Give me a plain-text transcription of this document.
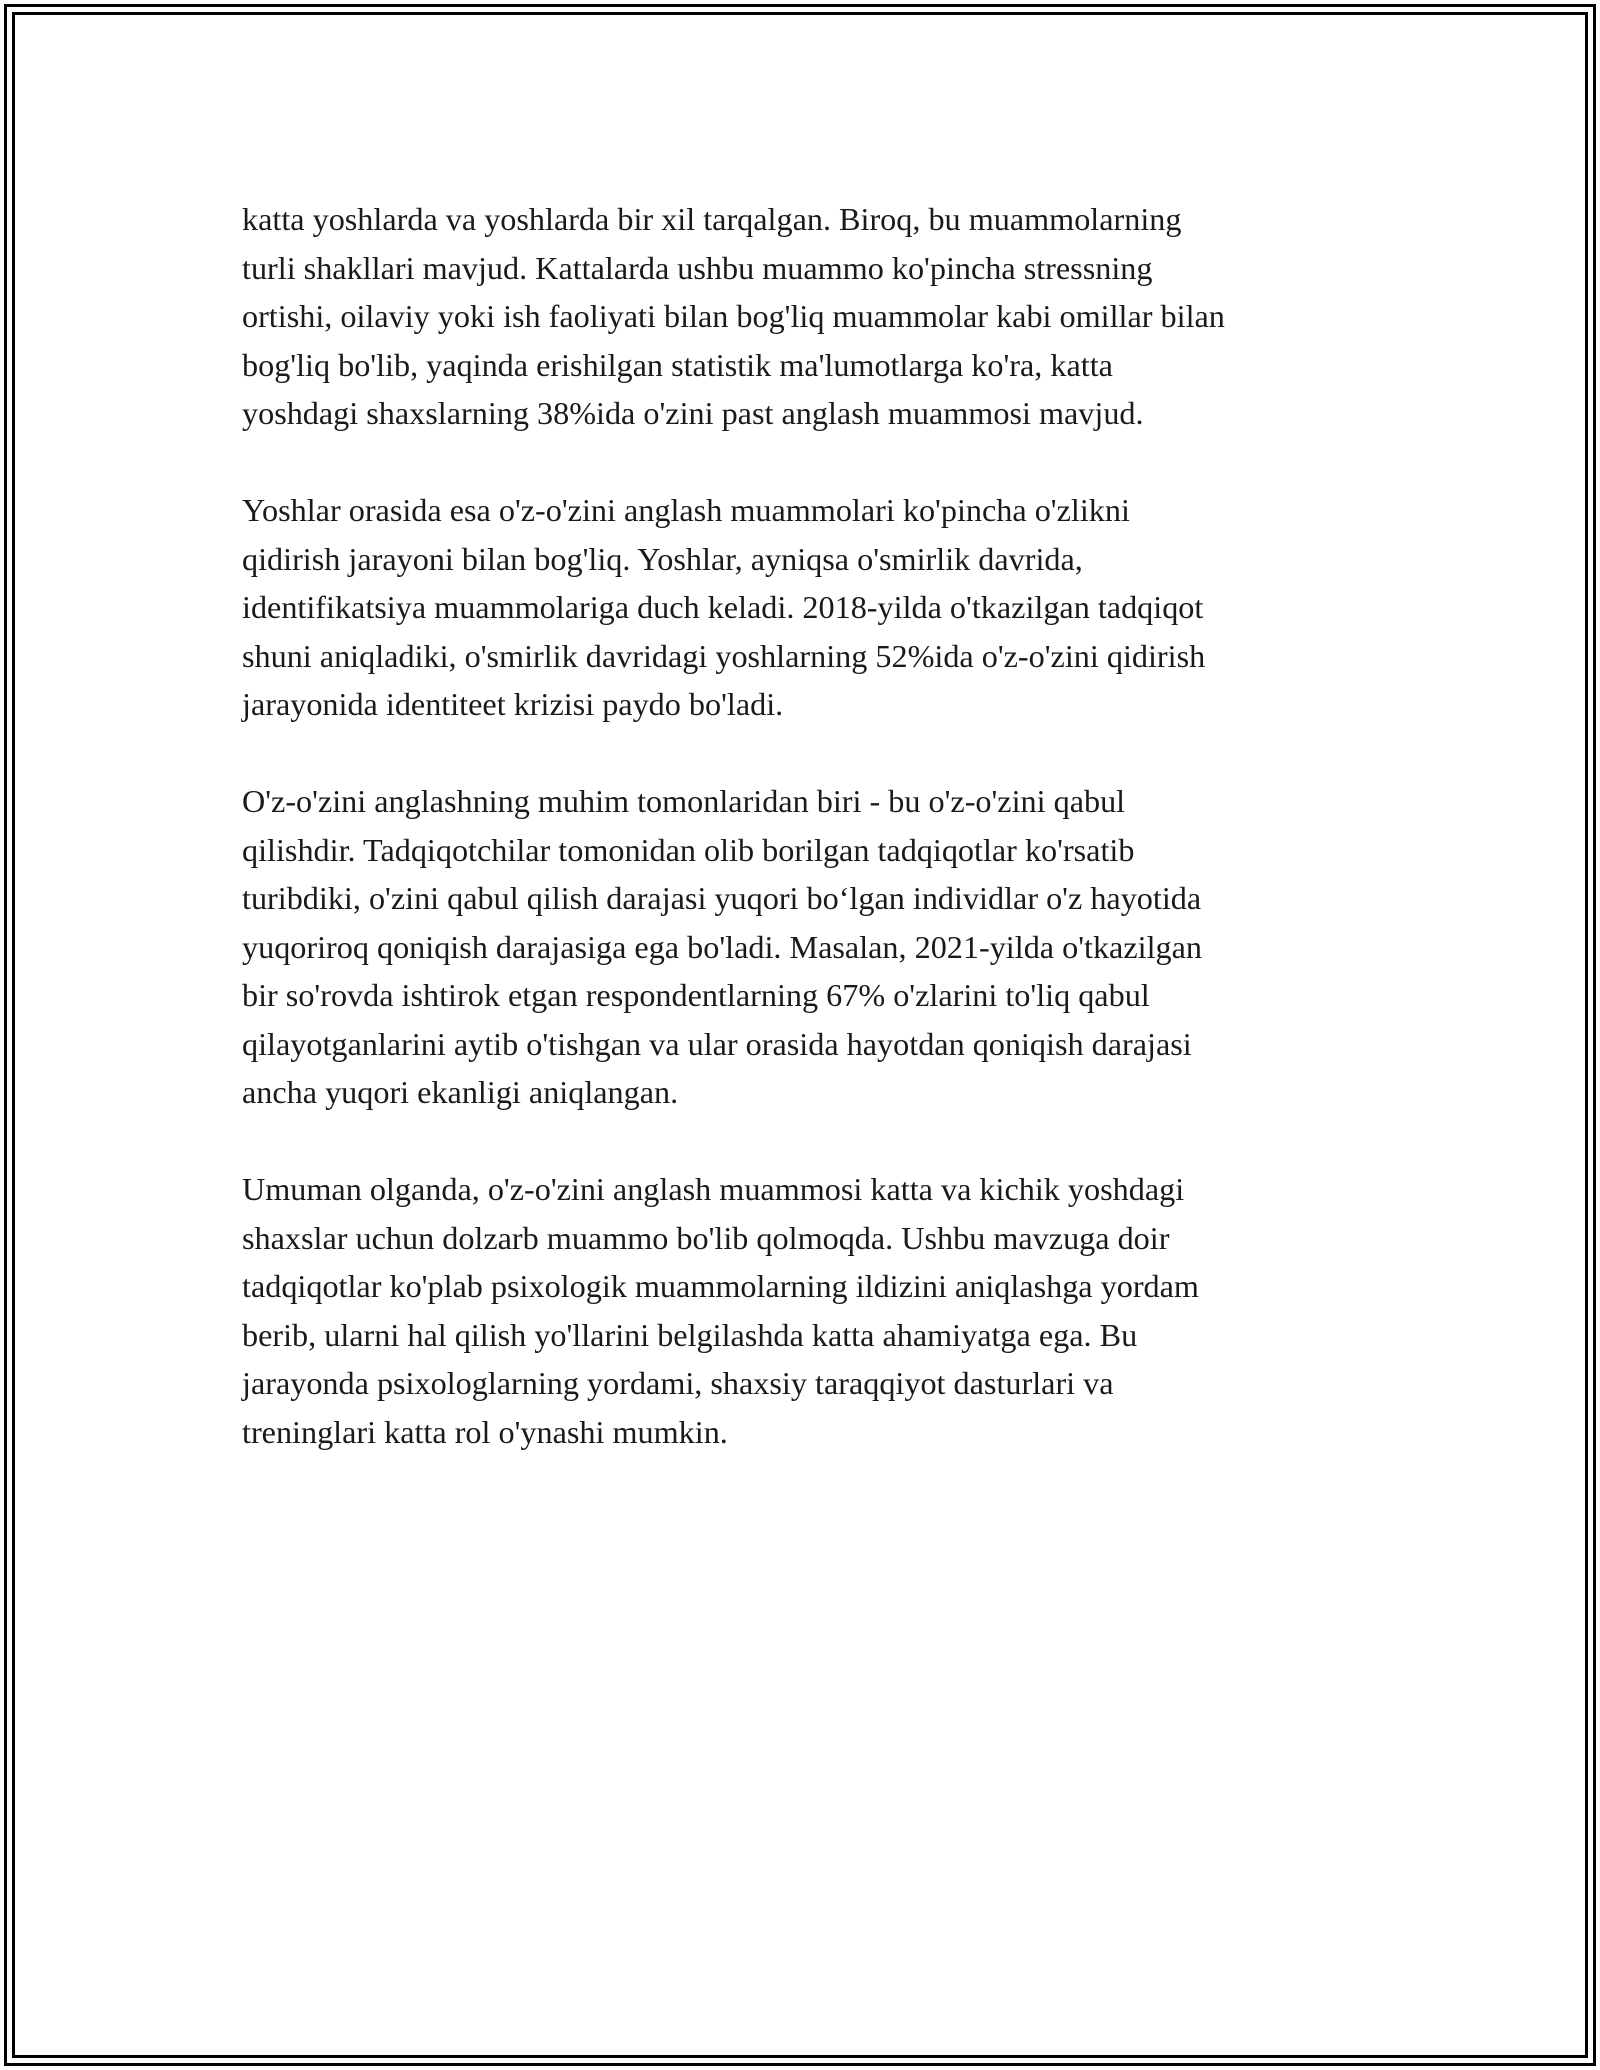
katta yoshlarda va yoshlarda bir xil tarqalgan. Biroq, bu muammolarning
turli shakllari mavjud. Kattalarda ushbu muammo ko'pincha stressning
ortishi, oilaviy yoki ish faoliyati bilan bog'liq muammolar kabi omillar bilan
bog'liq bo'lib, yaqinda erishilgan statistik ma'lumotlarga ko'ra, katta
yoshdagi shaxslarning 38%ida o'zini past anglash muammosi mavjud.

Yoshlar orasida esa o'z-o'zini anglash muammolari ko'pincha o'zlikni
qidirish jarayoni bilan bog'liq. Yoshlar, ayniqsa o'smirlik davrida,
identifikatsiya muammolariga duch keladi. 2018-yilda o'tkazilgan tadqiqot
shuni aniqladiki, o'smirlik davridagi yoshlarning 52%ida o'z-o'zini qidirish
jarayonida identiteet krizisi paydo bo'ladi.

O'z-o'zini anglashning muhim tomonlaridan biri - bu o'z-o'zini qabul
qilishdir. Tadqiqotchilar tomonidan olib borilgan tadqiqotlar ko'rsatib
turibdiki, o'zini qabul qilish darajasi yuqori bo‘lgan individlar o'z hayotida
yuqoriroq qoniqish darajasiga ega bo'ladi. Masalan, 2021-yilda o'tkazilgan
bir so'rovda ishtirok etgan respondentlarning 67% o'zlarini to'liq qabul
qilayotganlarini aytib o'tishgan va ular orasida hayotdan qoniqish darajasi
ancha yuqori ekanligi aniqlangan.

Umuman olganda, o'z-o'zini anglash muammosi katta va kichik yoshdagi
shaxslar uchun dolzarb muammo bo'lib qolmoqda. Ushbu mavzuga doir
tadqiqotlar ko'plab psixologik muammolarning ildizini aniqlashga yordam
berib, ularni hal qilish yo'llarini belgilashda katta ahamiyatga ega. Bu
jarayonda psixologlarning yordami, shaxsiy taraqqiyot dasturlari va
treninglari katta rol o'ynashi mumkin.
